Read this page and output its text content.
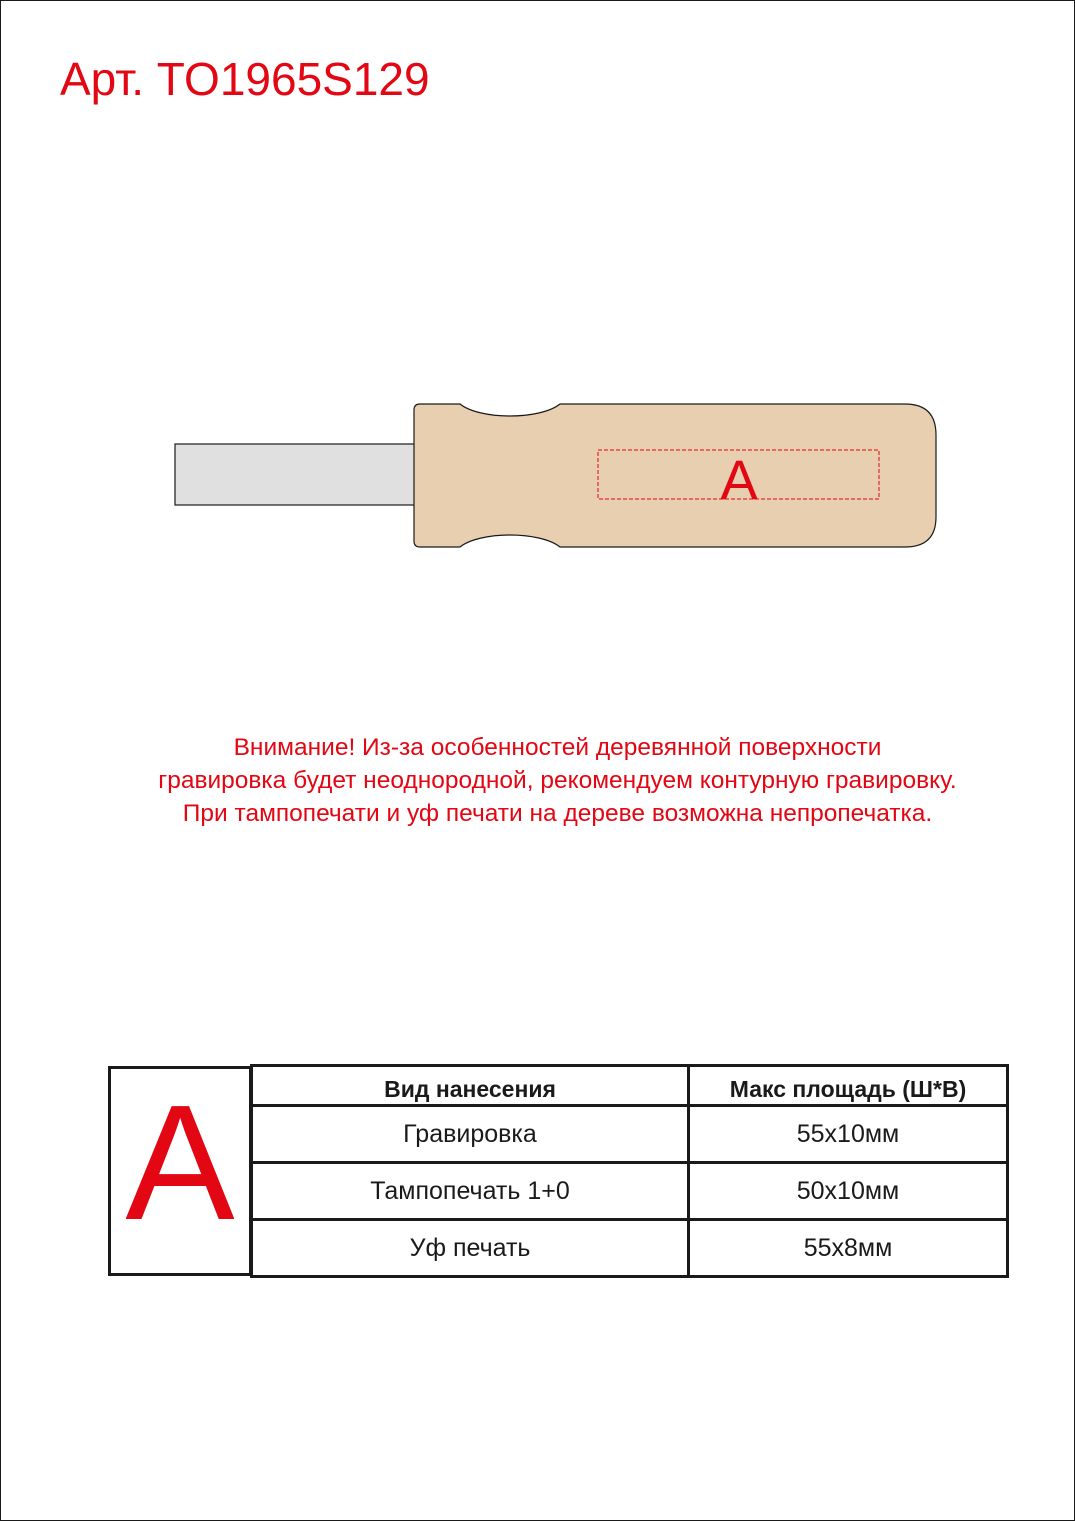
Арт. TO1965S129
A
Внимание! Из-за особенностей деревянной поверхности
гравировка будет неоднородной, рекомендуем контурную гравировку.
При тампопечати и уф печати на дереве возможна непропечатка.
A	Вид нанесения	Макс площадь (Ш*В)
Гравировка	55x10мм
Тампопечать 1+0	50x10мм
Уф печать	55x8мм
